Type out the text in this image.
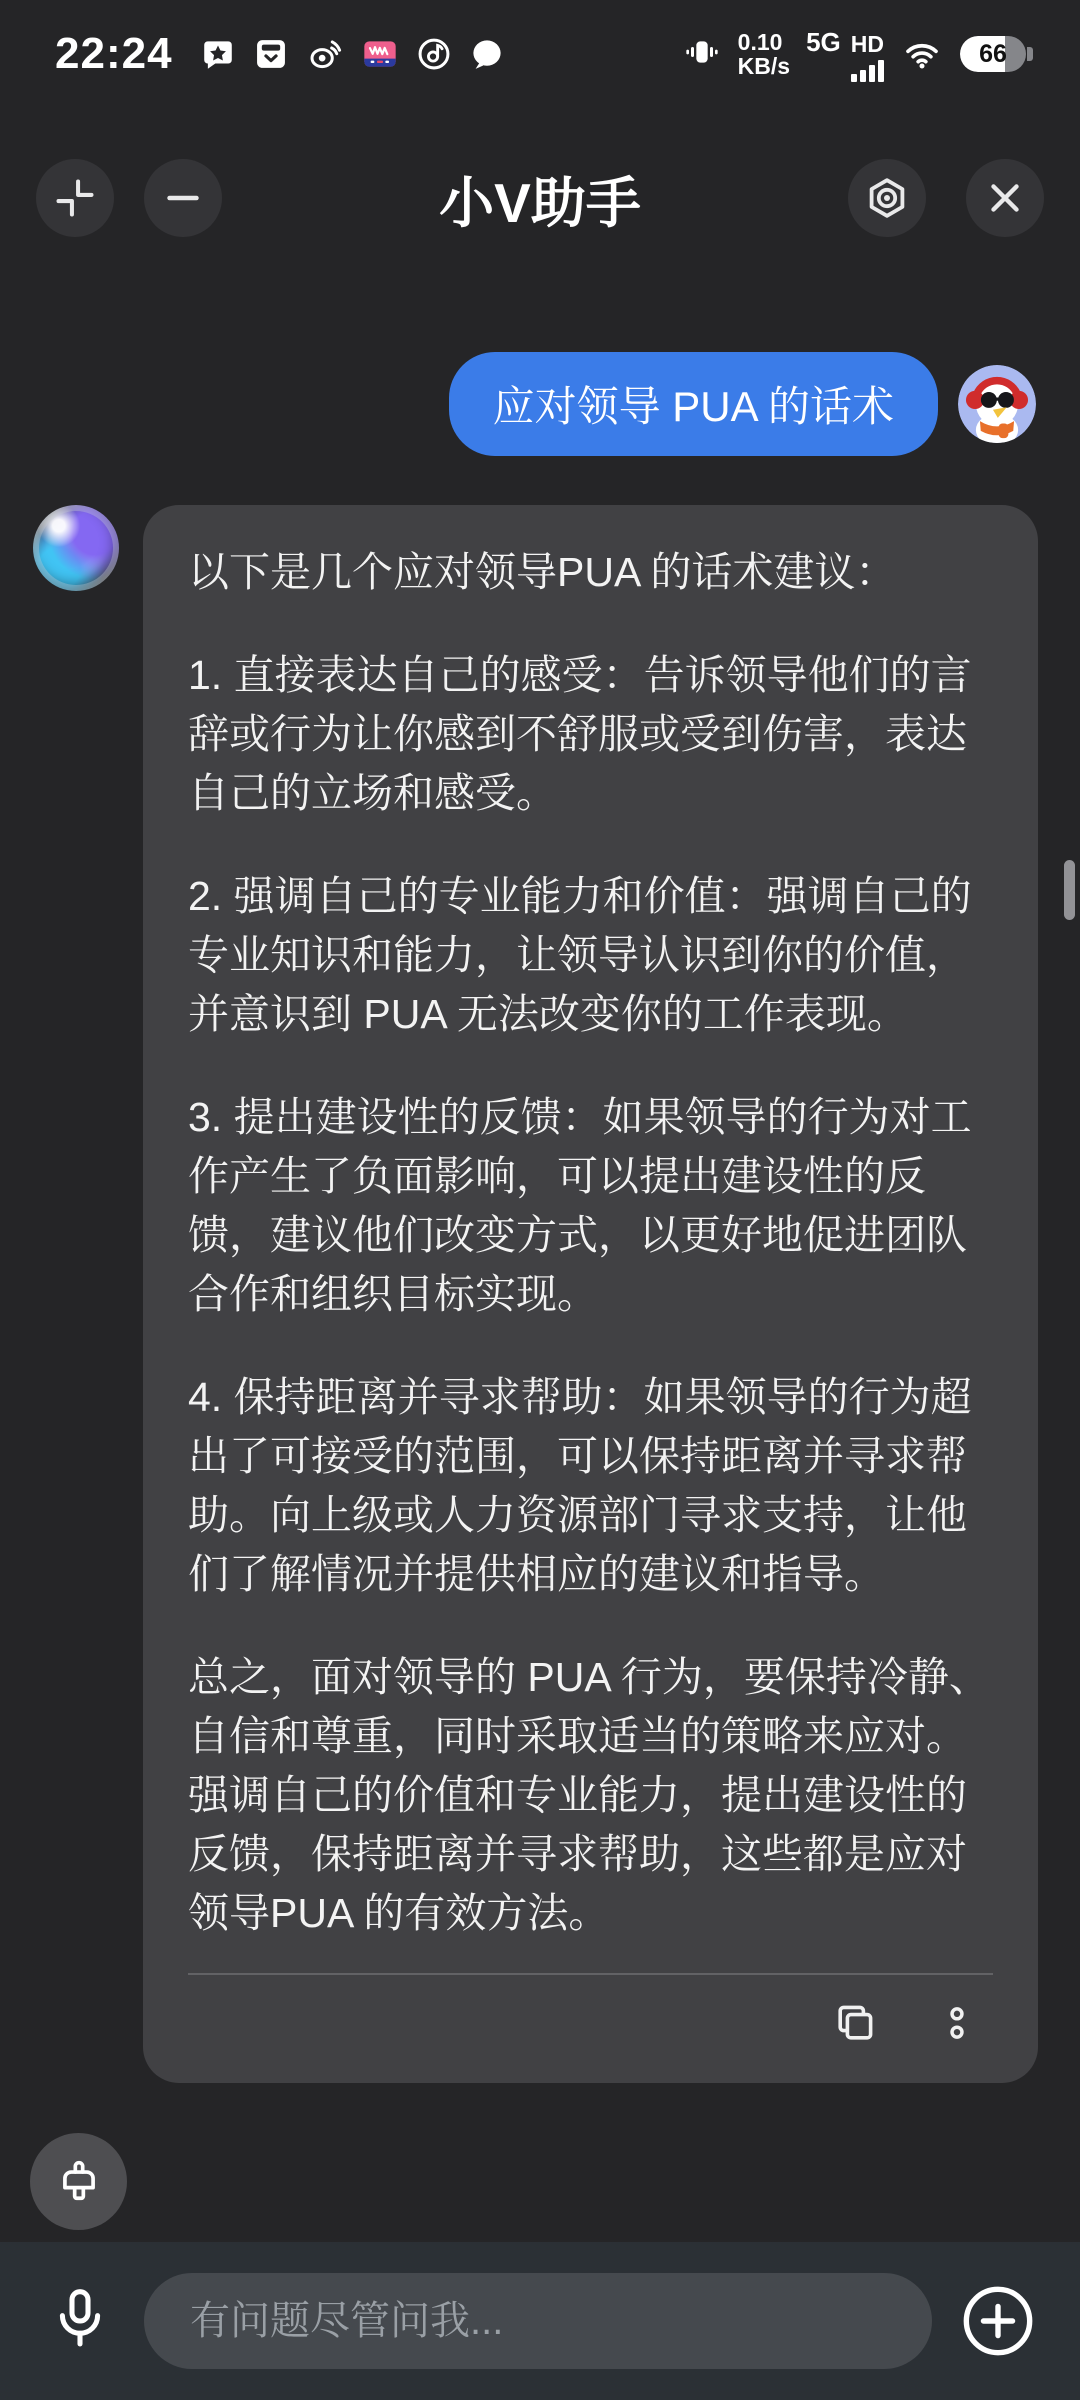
22:24	0.10
KB/s
5G HD	66
小V助手
应对领导 PUA 的话术

以下是几个应对领导PUA 的话术建议：

1. 直接表达自己的感受：告诉领导他们的言辞或行为让你感到不舒服或受到伤害，表达自己的立场和感受。

2. 强调自己的专业能力和价值：强调自己的专业知识和能力，让领导认识到你的价值，并意识到 PUA 无法改变你的工作表现。

3. 提出建设性的反馈：如果领导的行为对工作产生了负面影响，可以提出建设性的反馈，建议他们改变方式，以更好地促进团队合作和组织目标实现。

4. 保持距离并寻求帮助：如果领导的行为超出了可接受的范围，可以保持距离并寻求帮助。向上级或人力资源部门寻求支持，让他们了解情况并提供相应的建议和指导。

总之，面对领导的 PUA 行为，要保持冷静、自信和尊重，同时采取适当的策略来应对。强调自己的价值和专业能力，提出建设性的反馈，保持距离并寻求帮助，这些都是应对领导PUA 的有效方法。

有问题尽管问我...
